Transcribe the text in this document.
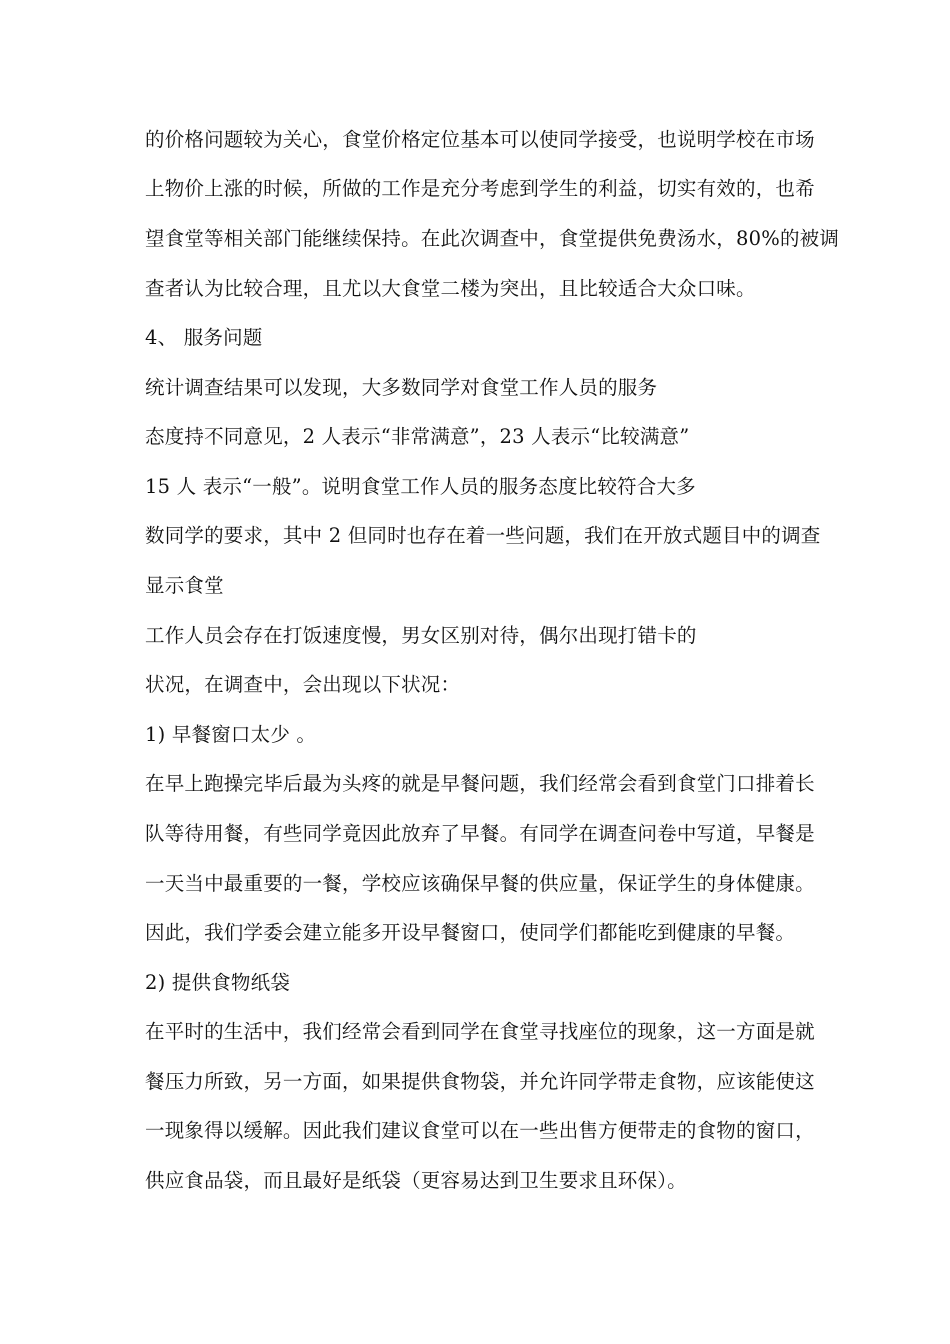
的价格问题较为关心，食堂价格定位基本可以使同学接受，也说明学校在市场
上物价上涨的时候，所做的工作是充分考虑到学生的利益，切实有效的，也希
望食堂等相关部门能继续保持。在此次调查中，食堂提供免费汤水，80%的被调
查者认为比较合理，且尤以大食堂二楼为突出，且比较适合大众口味。
4、 服务问题
统计调查结果可以发现，大多数同学对食堂工作人员的服务
态度持不同意见，2 人表示“非常满意”，23 人表示“比较满意”
15 人 表示“一般”。说明食堂工作人员的服务态度比较符合大多
数同学的要求，其中 2 但同时也存在着一些问题，我们在开放式题目中的调查
显示食堂
工作人员会存在打饭速度慢，男女区别对待，偶尔出现打错卡的
状况，在调查中，会出现以下状况：
1) 早餐窗口太少 。
在早上跑操完毕后最为头疼的就是早餐问题，我们经常会看到食堂门口排着长
队等待用餐，有些同学竟因此放弃了早餐。有同学在调查问卷中写道，早餐是
一天当中最重要的一餐，学校应该确保早餐的供应量，保证学生的身体健康。
因此，我们学委会建立能多开设早餐窗口，使同学们都能吃到健康的早餐。
2) 提供食物纸袋
在平时的生活中，我们经常会看到同学在食堂寻找座位的现象，这一方面是就
餐压力所致，另一方面，如果提供食物袋，并允许同学带走食物，应该能使这
一现象得以缓解。因此我们建议食堂可以在一些出售方便带走的食物的窗口，
供应食品袋，而且最好是纸袋（更容易达到卫生要求且环保）。
